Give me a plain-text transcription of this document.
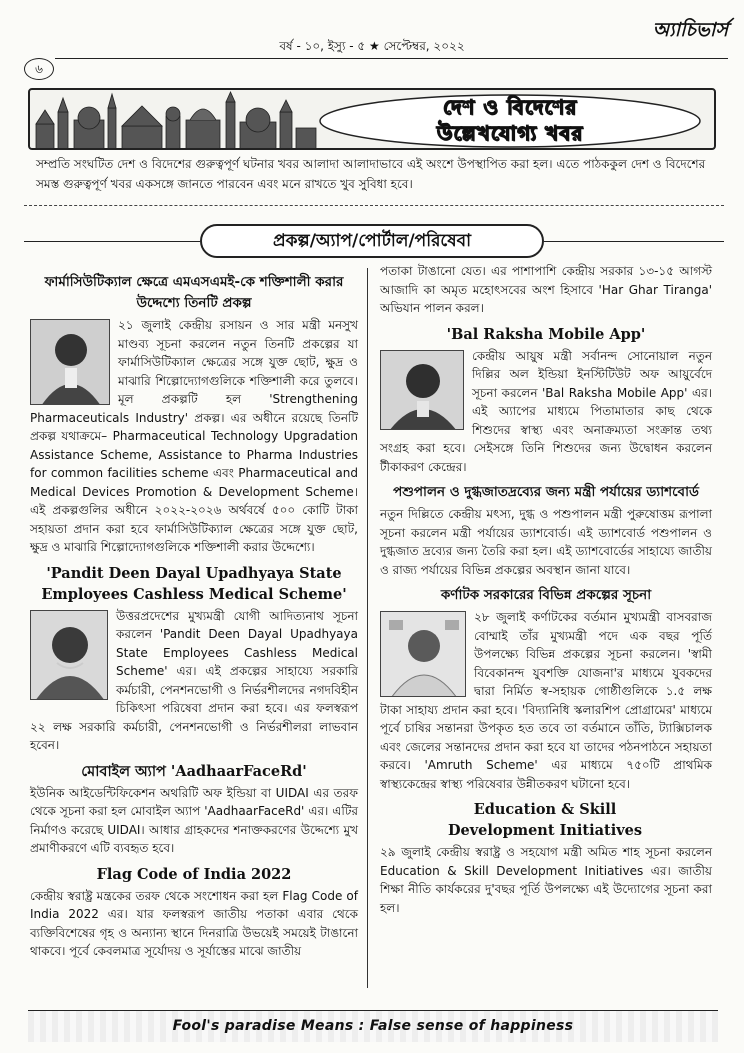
অ্যাচিভার্স
বর্ষ - ১০, ইস্যু - ৫ ★ সেপ্টেম্বর, ২০২২
৬
দেশ ও বিদেশের
উল্লেখযোগ্য খবর
সম্প্রতি সংঘটিত দেশ ও বিদেশের গুরুত্বপূর্ণ ঘটনার খবর আলাদা আলাদাভাবে এই অংশে উপস্থাপিত করা হল। এতে পাঠককুল দেশ ও বিদেশের সমস্ত গুরুত্বপূর্ণ খবর একসঙ্গে জানতে পারবেন এবং মনে রাখতে খুব সুবিধা হবে।
প্রকল্প/অ্যাপ/পোর্টাল/পরিষেবা
ফার্মাসিউটিক্যাল ক্ষেত্রে এমএসএমই-কে শক্তিশালী করার উদ্দেশ্যে তিনটি প্রকল্প

২১ জুলাই কেন্দ্রীয় রসায়ন ও সার মন্ত্রী মনসুখ মাণ্ডব্য সূচনা করলেন নতুন তিনটি প্রকল্পের যা ফার্মাসিউটিক্যাল ক্ষেত্রের সঙ্গে যুক্ত ছোট, ক্ষুদ্র ও মাঝারি শিল্পোদ্যোগগুলিকে শক্তিশালী করে তুলবে। মূল প্রকল্পটি হল 'Strengthening Pharmaceuticals Industry' প্রকল্প। এর অধীনে রয়েছে তিনটি প্রকল্প যথাক্রমে– Pharmaceutical Technology Upgradation Assistance Scheme, Assistance to Pharma Industries for common facilities scheme এবং Pharmaceutical and Medical Devices Promotion & Development Scheme। এই প্রকল্পগুলির অধীনে ২০২২-২০২৬ অর্থবর্ষে ৫০০ কোটি টাকা সহায়তা প্রদান করা হবে ফার্মাসিউটিক্যাল ক্ষেত্রের সঙ্গে যুক্ত ছোট, ক্ষুদ্র ও মাঝারি শিল্পোদ্যোগগুলিকে শক্তিশালী করার উদ্দেশ্যে।

'Pandit Deen Dayal Upadhyaya State Employees Cashless Medical Scheme'

উত্তরপ্রদেশের মুখ্যমন্ত্রী যোগী আদিত্যনাথ সূচনা করলেন 'Pandit Deen Dayal Upadhyaya State Employees Cashless Medical Scheme' এর। এই প্রকল্পের সাহায্যে সরকারি কর্মচারী, পেনশনভোগী ও নির্ভরশীলদের নগদবিহীন চিকিৎসা পরিষেবা প্রদান করা হবে। এর ফলস্বরূপ ২২ লক্ষ সরকারি কর্মচারী, পেনশনভোগী ও নির্ভরশীলরা লাভবান হবেন।

মোবাইল অ্যাপ 'AadhaarFaceRd'

ইউনিক আইডেন্টিফিকেশন অথরিটি অফ ইন্ডিয়া বা UIDAI এর তরফ থেকে সূচনা করা হল মোবাইল অ্যাপ 'AadhaarFaceRd' এর। এটির নির্মাণও করেছে UIDAI। আধার গ্রাহকদের শনাক্তকরণের উদ্দেশ্যে মুখ প্রমাণীকরণে এটি ব্যবহৃত হবে।

Flag Code of India 2022

কেন্দ্রীয় স্বরাষ্ট্র মন্ত্রকের তরফ থেকে সংশোধন করা হল Flag Code of India 2022 এর। যার ফলস্বরূপ জাতীয় পতাকা এবার থেকে ব্যক্তিবিশেষের গৃহ ও অন্যান্য স্থানে দিনরাত্রি উভয়েই সময়েই টাঙানো থাকবে। পূর্বে কেবলমাত্র সূর্যোদয় ও সূর্যাস্তের মাঝে জাতীয়

পতাকা টাঙানো যেত। এর পাশাপাশি কেন্দ্রীয় সরকার ১৩-১৫ আগস্ট আজাদি কা অমৃত মহোৎসবের অংশ হিসাবে 'Har Ghar Tiranga' অভিযান পালন করল।

'Bal Raksha Mobile App'

কেন্দ্রীয় আয়ুষ মন্ত্রী সর্বানন্দ সোনোয়াল নতুন দিল্লির অল ইন্ডিয়া ইনস্টিটিউট অফ আয়ুর্বেদে সূচনা করলেন 'Bal Raksha Mobile App' এর। এই অ্যাপের মাধ্যমে পিতামাতার কাছ থেকে শিশুদের স্বাস্থ্য এবং অনাক্রম্যতা সংক্রান্ত তথ্য সংগ্রহ করা হবে। সেইসঙ্গে তিনি শিশুদের জন্য উদ্বোধন করলেন টীকাকরণ কেন্দ্রের।

পশুপালন ও দুগ্ধজাতদ্রব্যের জন্য মন্ত্রী পর্যায়ের ড্যাশবোর্ড

নতুন দিল্লিতে কেন্দ্রীয় মৎস্য, দুগ্ধ ও পশুপালন মন্ত্রী পুরুষোত্তম রূপালা সূচনা করলেন মন্ত্রী পর্যায়ের ড্যাশবোর্ড। এই ড্যাশবোর্ড পশুপালন ও দুগ্ধজাত দ্রব্যের জন্য তৈরি করা হল। এই ড্যাশবোর্ডের সাহায্যে জাতীয় ও রাজ্য পর্যায়ের বিভিন্ন প্রকল্পের অবস্থান জানা যাবে।

কর্ণাটক সরকারের বিভিন্ন প্রকল্পের সূচনা

২৮ জুলাই কর্ণাটকের বর্তমান মুখ্যমন্ত্রী বাসবরাজ বোম্মাই তাঁর মুখ্যমন্ত্রী পদে এক বছর পূর্তি উপলক্ষ্যে বিভিন্ন প্রকল্পের সূচনা করলেন। 'স্বামী বিবেকানন্দ যুবশক্তি যোজনা'র মাধ্যমে যুবকদের দ্বারা নির্মিত স্ব-সহায়ক গোষ্ঠীগুলিকে ১.৫ লক্ষ টাকা সাহায্য প্রদান করা হবে। 'বিদ্যানিধি স্কলারশিপ প্রোগ্রামের' মাধ্যমে পূর্বে চাষির সন্তানরা উপকৃত হত তবে তা বর্তমানে তাঁতি, ট্যাক্সিচালক এবং জেলের সন্তানদের প্রদান করা হবে যা তাদের পঠনপাঠনে সহায়তা করবে। 'Amruth Scheme' এর মাধ্যমে ৭৫০টি প্রাথমিক স্বাস্থ্যকেন্দ্রের স্বাস্থ্য পরিষেবার উন্নীতকরণ ঘটানো হবে।

Education & Skill Development Initiatives

২৯ জুলাই কেন্দ্রীয় স্বরাষ্ট্র ও সহযোগ মন্ত্রী অমিত শাহ সূচনা করলেন Education & Skill Development Initiatives এর। জাতীয় শিক্ষা নীতি কার্যকরের দু'বছর পূর্তি উপলক্ষ্যে এই উদ্যোগের সূচনা করা হল।

Fool's paradise Means : False sense of happiness
